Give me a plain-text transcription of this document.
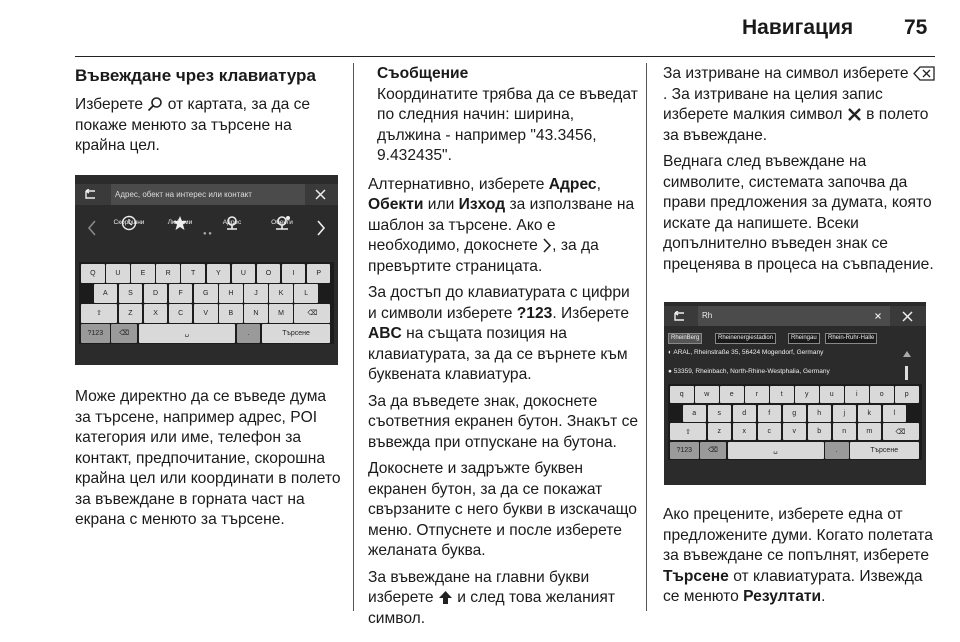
Навигация 75
Въвеждане чрез клавиатура

Изберете  от картата, за да се покаже менюто за търсене на крайна цел.

Адрес, обект на интерес или контакт
Скорошни	Любими	Адрес	Обекти
● ●
Q	U	E	R	T	Y	U	O	I	P
A	S	D	F	G	H	J	K	L
⇧	Z	X	C	V	B	N	M	⌫
?123	⌫	␣	.	Търсене
Съобщение
Координатите трябва да се въведат по следния начин: ширина, дължина - например "43.3456, 9.432435".

Алтернативно, изберете Адрес, Обекти или Изход за използване на шаблон за търсене. Ако е необходимо, докоснете , за да превъртите страницата.

За достъп до клавиатурата с цифри и символи изберете ?123. Изберете ABC на същата позиция на клавиатурата, за да се върнете към буквената клавиатура.

За да въведете знак, докоснете съответния екранен бутон. Знакът се въвежда при отпускане на бутона.

Докоснете и задръжте буквен екранен бутон, за да се покажат свързаните с него букви в изскачащо меню. Отпуснете и после изберете желаната буква.

За въвеждане на главни букви изберете  и след това желаният символ.

За изтриване на символ изберете . За изтриване на целия запис изберете малкия символ  в полето за въвеждане.

Веднага след въвеждане на символите, системата започва да прави предложения за думата, която искате да напишете. Всеки допълнително въведен знак се преценява в процеса на съвпадение.

Rh
RheinBerg	Rheinenergiestadion	Rheingau	Rhein-Ruhr-Halle
◐ ARAL, Rheinstraße 35, 56424 Mogendorf, Germany
● 53359, Rheinbach, North-Rhine-Westphalia, Germany
q	w	e	r	t	y	u	i	o	p
a	s	d	f	g	h	j	k	l
⇧	z	x	c	v	b	n	m	⌫
?123	⌫	␣	.	Търсене

Ако прецените, изберете една от предложените думи. Когато полетата за въвеждане се попълнят, изберете Търсене от клавиатурата. Извежда се менюто Резултати.

Може директно да се въведе дума за търсене, например адрес, POI категория или име, телефон за контакт, предпочитание, скорошна крайна цел или координати в полето за въвеждане в горната част на екрана с менюто за търсене.
